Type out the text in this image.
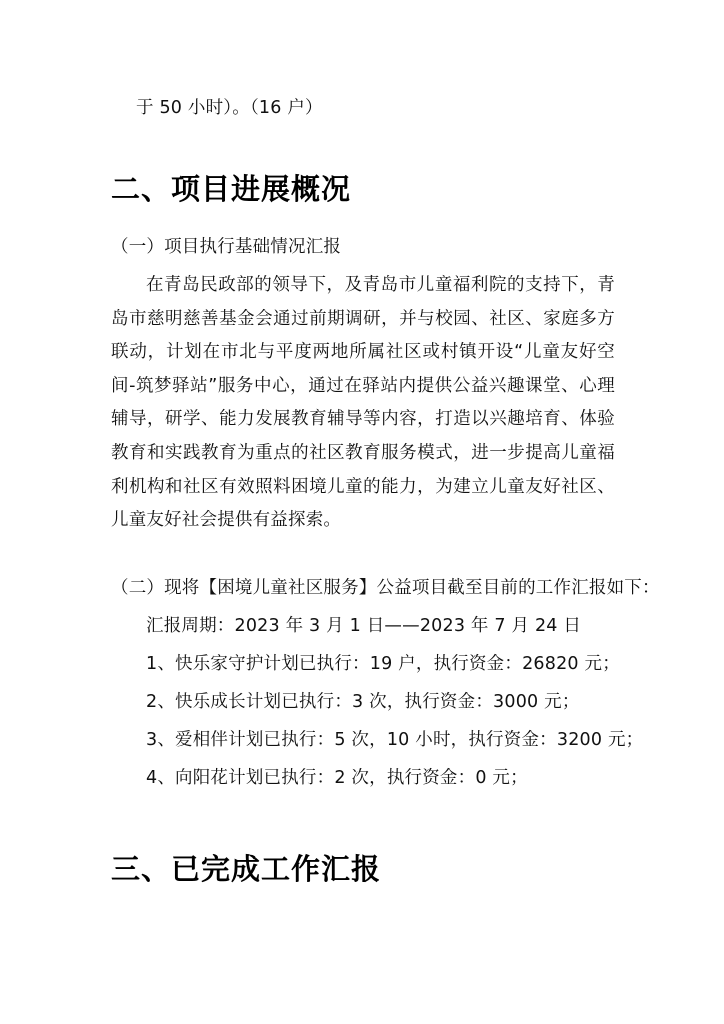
于 50 小时）。（16 户）
二、项目进展概况
（一）项目执行基础情况汇报
在青岛民政部的领导下，及青岛市儿童福利院的支持下，青岛市慈明慈善基金会通过前期调研，并与校园、社区、家庭多方联动，计划在市北与平度两地所属社区或村镇开设“儿童友好空间-筑梦驿站”服务中心，通过在驿站内提供公益兴趣课堂、心理辅导，研学、能力发展教育辅导等内容，打造以兴趣培育、体验教育和实践教育为重点的社区教育服务模式，进一步提高儿童福利机构和社区有效照料困境儿童的能力，为建立儿童友好社区、儿童友好社会提供有益探索。
（二）现将【困境儿童社区服务】公益项目截至目前的工作汇报如下：
汇报周期：2023 年 3 月 1 日——2023 年 7 月 24 日
1、快乐家守护计划已执行：19 户，执行资金：26820 元；
2、快乐成长计划已执行：3 次，执行资金：3000 元；
3、爱相伴计划已执行：5 次，10 小时，执行资金：3200 元；
4、向阳花计划已执行：2 次，执行资金：0 元；
三、已完成工作汇报
